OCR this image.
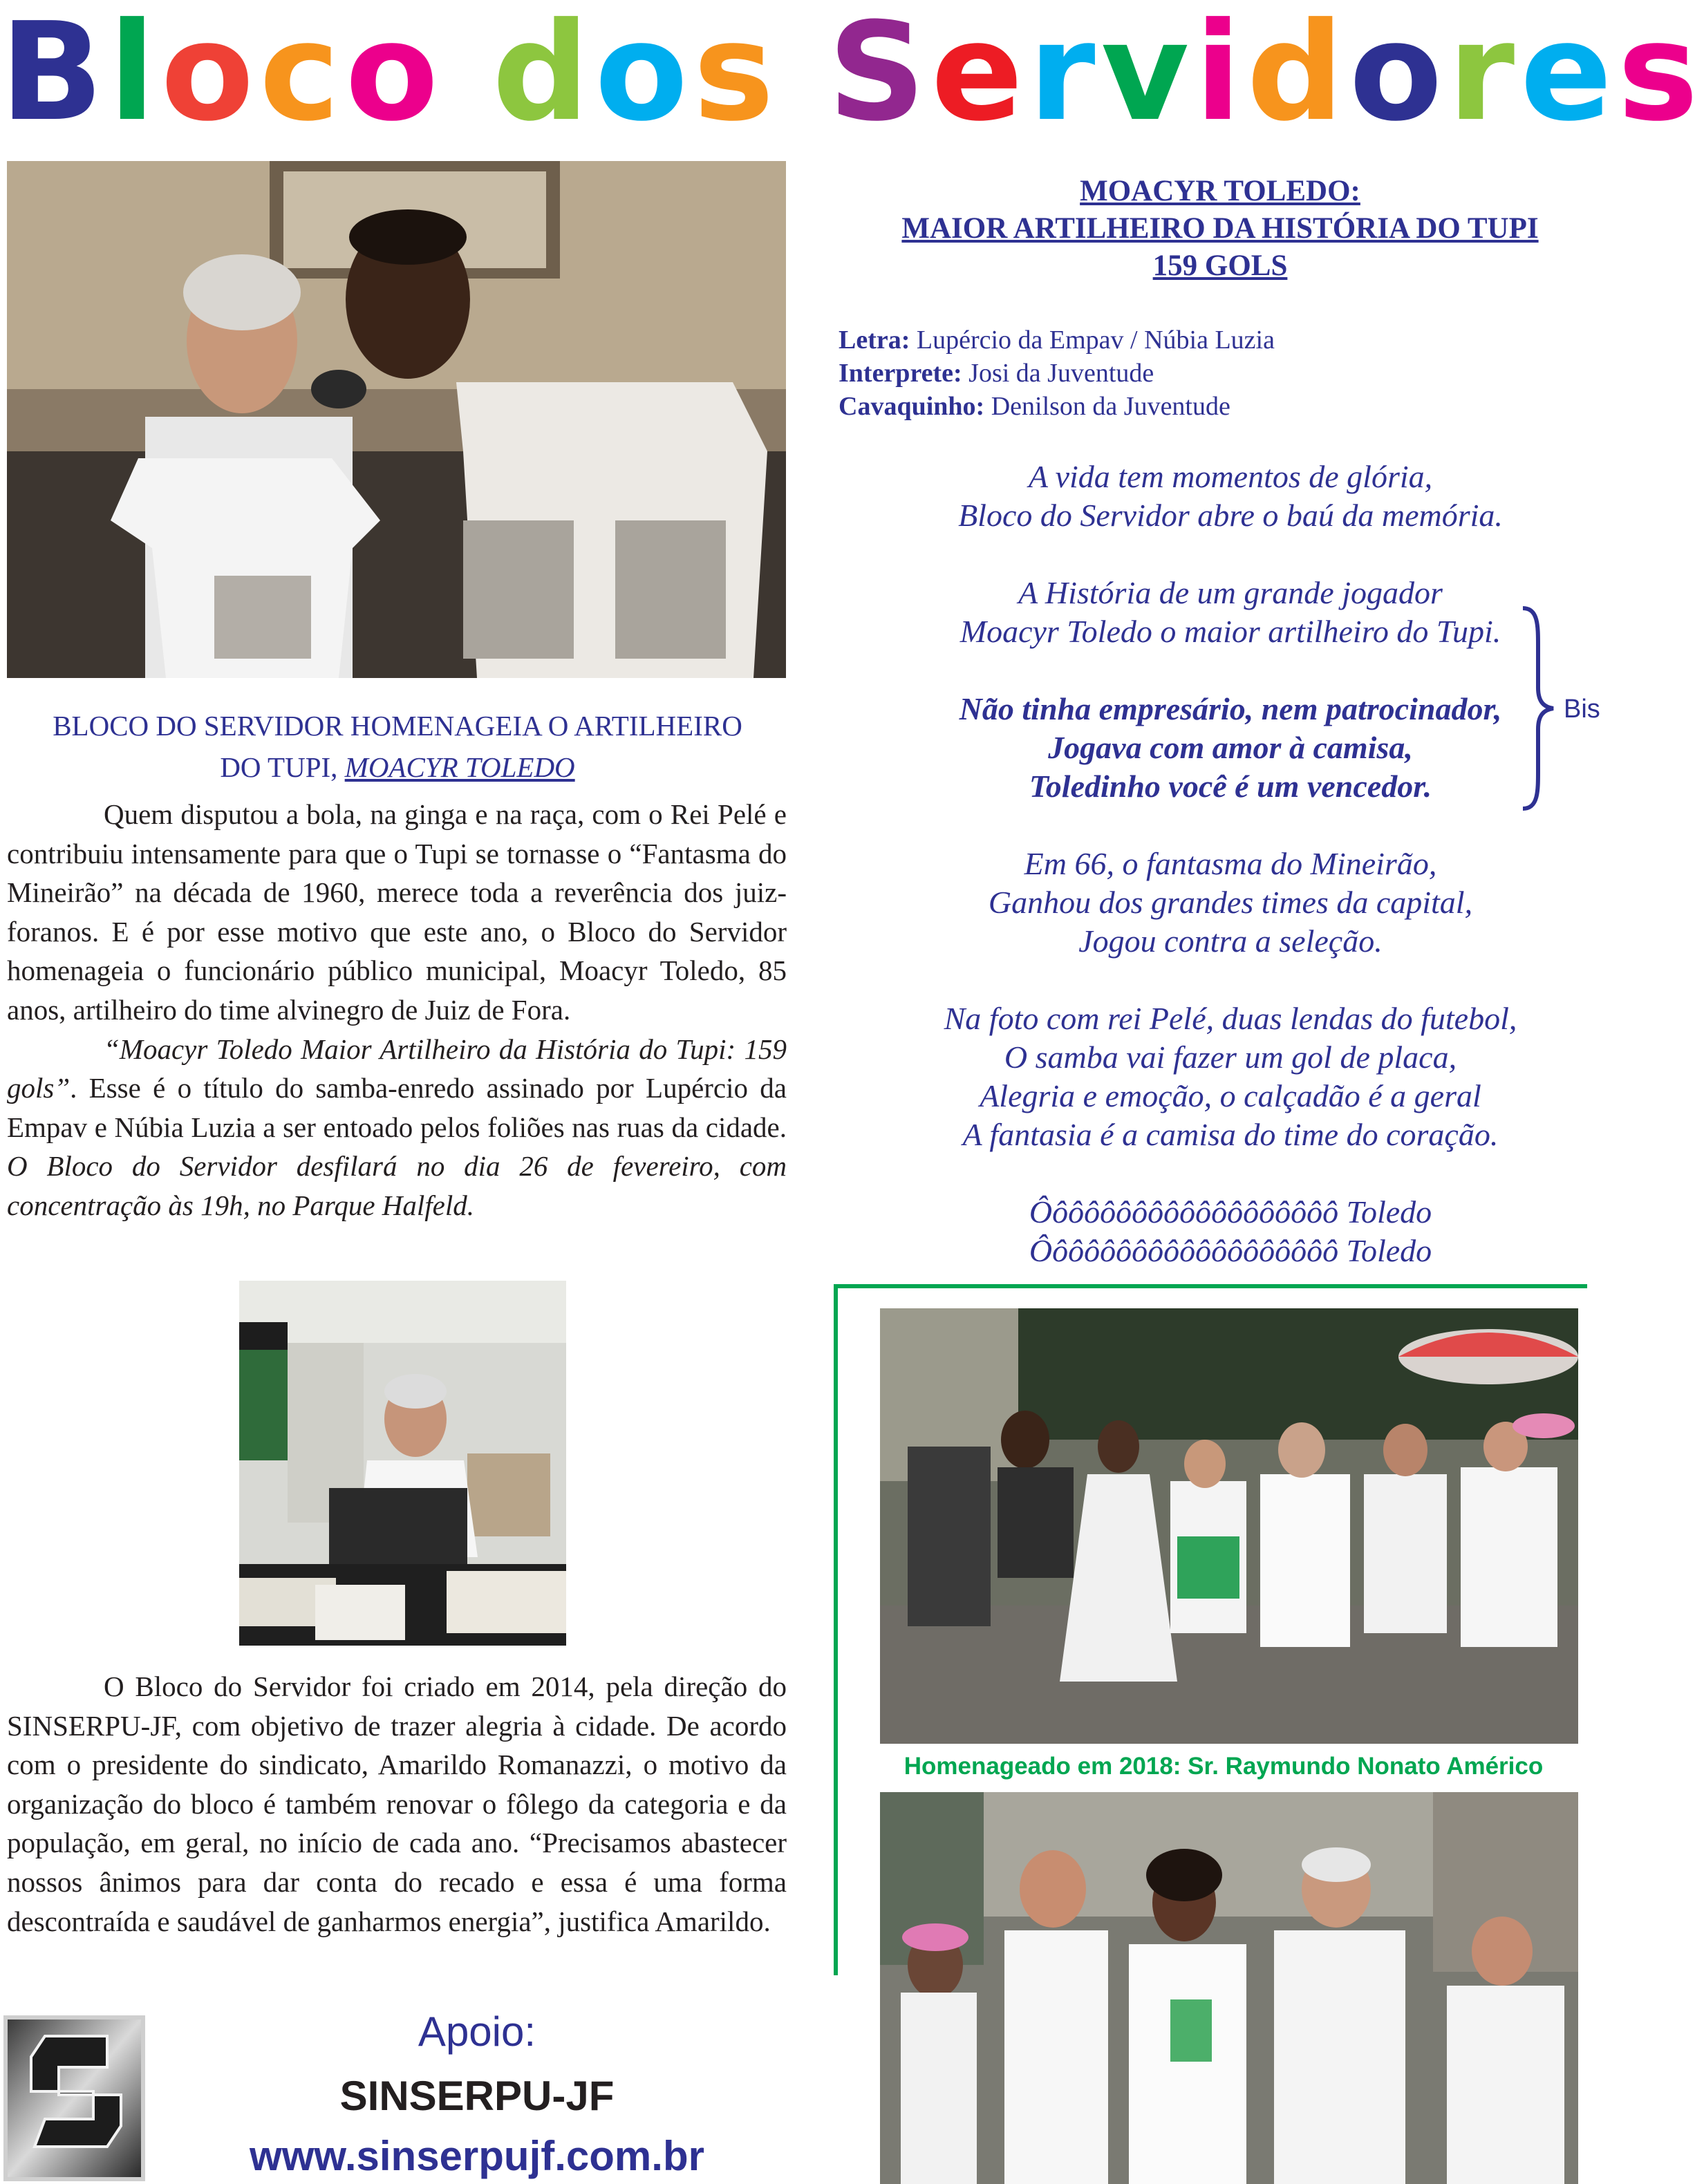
Bloco dos Servidores
MOACYR TOLEDO:
MAIOR ARTILHEIRO DA HISTÓRIA DO TUPI
159 GOLS
Letra: Lupércio da Empav / Núbia Luzia
Interprete: Josi da Juventude
Cavaquinho: Denilson da Juventude

A vida tem momentos de glória,

Bloco do Servidor abre o baú da memória.

A História de um grande jogador

Moacyr Toledo o maior artilheiro do Tupi.

Não tinha empresário, nem patrocinador,

Jogava com amor à camisa,

Toledinho você é um vencedor.

Em 66, o fantasma do Mineirão,

Ganhou dos grandes times da capital,

Jogou contra a seleção.

Na foto com rei Pelé, duas lendas do futebol,

O samba vai fazer um gol de placa,

Alegria e emoção, o calçadão é a geral

A fantasia é a camisa do time do coração.

Ôôôôôôôôôôôôôôôôôôô Toledo

Ôôôôôôôôôôôôôôôôôôô Toledo

Bis
BLOCO DO SERVIDOR HOMENAGEIA O ARTILHEIRO
DO TUPI, MOACYR TOLEDO

Quem disputou a bola, na ginga e na raça, com o Rei Pelé e contribuiu intensamente para que o Tupi se tornasse o “Fantasma do Mineirão” na década de 1960, merece toda a reverência dos juiz-foranos. E é por esse motivo que este ano, o Bloco do Servidor homenageia o funcionário público municipal, Moacyr Toledo, 85 anos, artilheiro do time alvinegro de Juiz de Fora.

“Moacyr Toledo Maior Artilheiro da História do Tupi: 159 gols”. Esse é o título do samba-enredo assinado por Lupércio da Empav e Núbia Luzia a ser entoado pelos foliões nas ruas da cidade. O Bloco do Servidor desfilará no dia 26 de fevereiro, com concentração às 19h, no Parque Halfeld.

O Bloco do Servidor foi criado em 2014, pela direção do SINSERPU-JF, com objetivo de trazer alegria à cidade. De acordo com o presidente do sindicato, Amarildo Romanazzi, o motivo da organização do bloco é também renovar o fôlego da categoria e da população, em geral, no início de cada ano. “Precisamos abastecer nossos ânimos para dar conta do recado e essa é uma forma descontraída e saudável de ganharmos energia”, justifica Amarildo.

Homenageado em 2018: Sr. Raymundo Nonato Américo
Apoio:
SINSERPU-JF
www.sinserpujf.com.br
